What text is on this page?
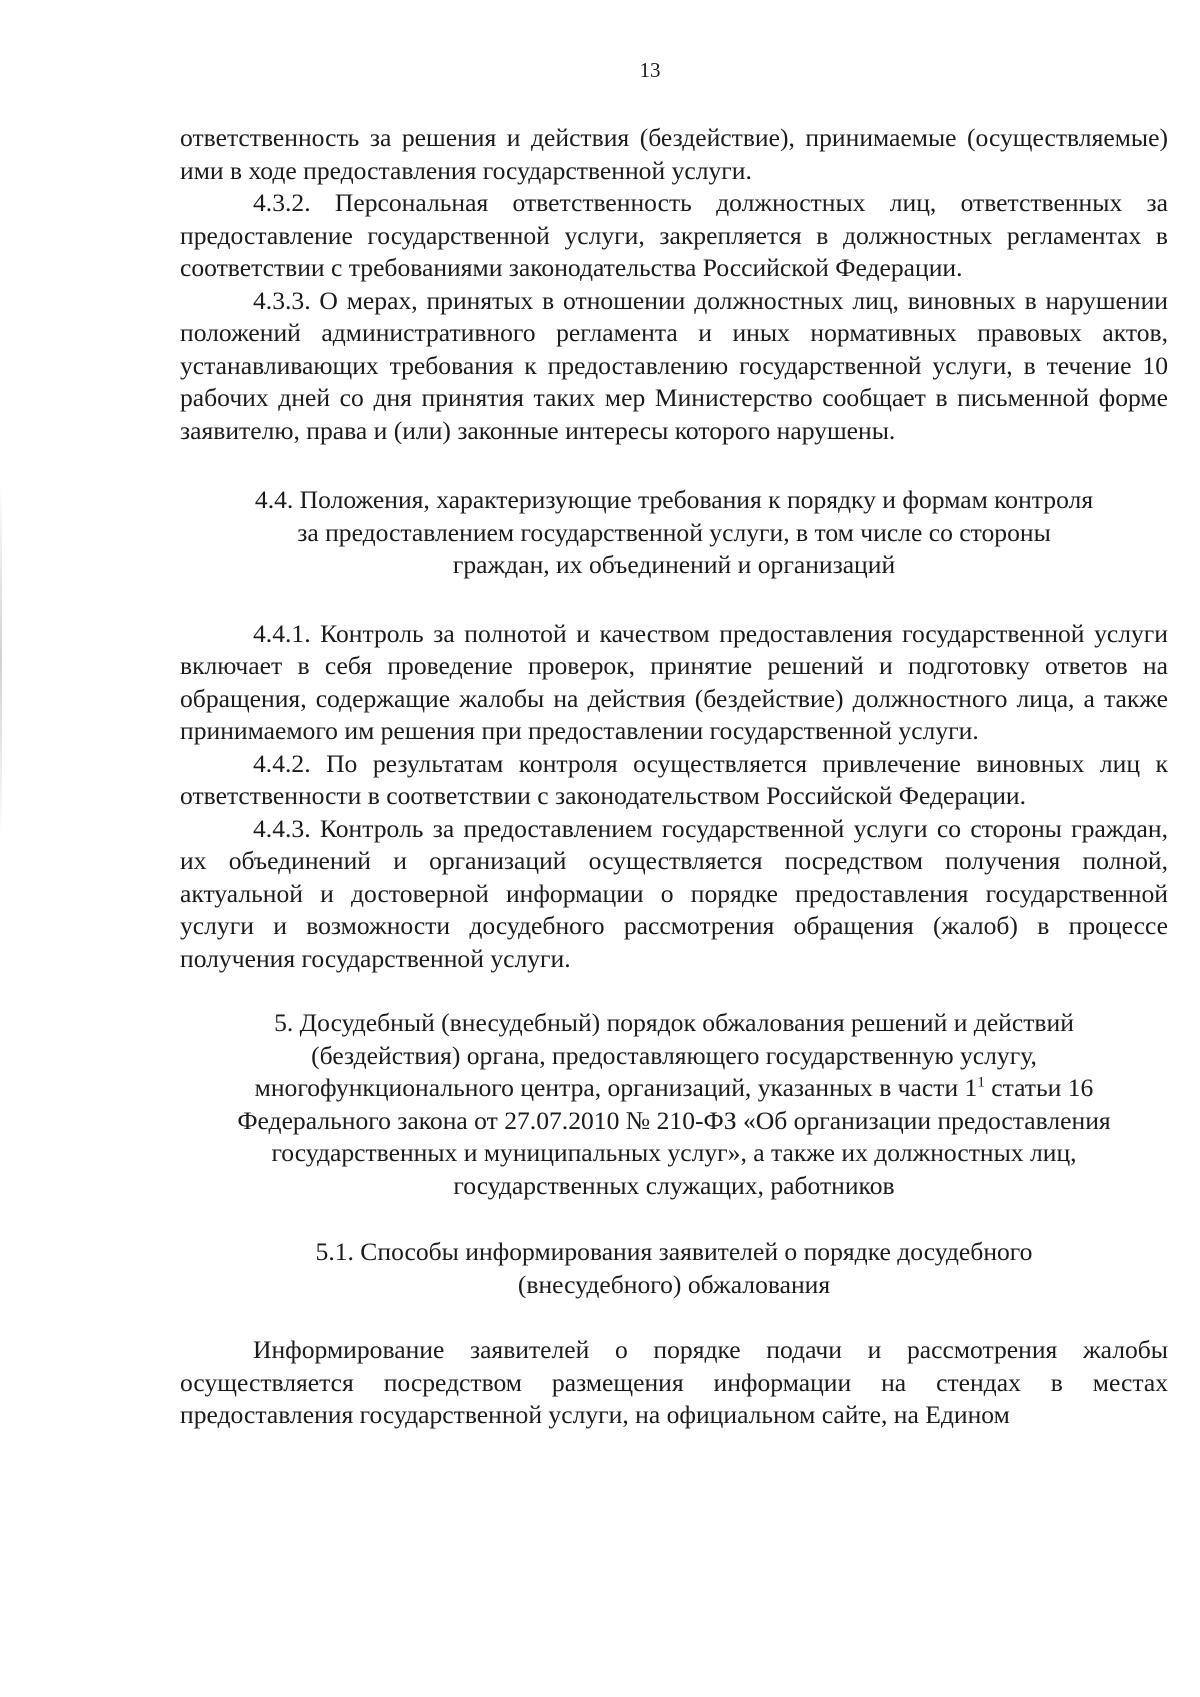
13

ответственность за решения и действия (бездействие), принимаемые (осуществляемые) ими в ходе предоставления государственной услуги.

4.3.2. Персональная ответственность должностных лиц, ответственных за предоставление государственной услуги, закрепляется в должностных регламентах в соответствии с требованиями законодательства Российской Федерации.

4.3.3. О мерах, принятых в отношении должностных лиц, виновных в нарушении положений административного регламента и иных нормативных правовых актов, устанавливающих требования к предоставлению государственной услуги, в течение 10 рабочих дней со дня принятия таких мер Министерство сообщает в письменной форме заявителю, права и (или) законные интересы которого нарушены.

4.4. Положения, характеризующие требования к порядку и формам контроля
за предоставлением государственной услуги, в том числе со стороны
граждан, их объединений и организаций

4.4.1. Контроль за полнотой и качеством предоставления государственной услуги включает в себя проведение проверок, принятие решений и подготовку ответов на обращения, содержащие жалобы на действия (бездействие) должностного лица, а также принимаемого им решения при предоставлении государственной услуги.

4.4.2. По результатам контроля осуществляется привлечение виновных лиц к ответственности в соответствии с законодательством Российской Федерации.

4.4.3. Контроль за предоставлением государственной услуги со стороны граждан, их объединений и организаций осуществляется посредством получения полной, актуальной и достоверной информации о порядке предоставления государственной услуги и возможности досудебного рассмотрения обращения (жалоб) в процессе получения государственной услуги.

5. Досудебный (внесудебный) порядок обжалования решений и действий
(бездействия) органа, предоставляющего государственную услугу,
многофункционального центра, организаций, указанных в части $1^1$ статьи 16
Федерального закона от 27.07.2010 № 210-ФЗ «Об организации предоставления
государственных и муниципальных услуг», а также их должностных лиц,
государственных служащих, работников
5.1. Способы информирования заявителей о порядке досудебного
(внесудебного) обжалования

Информирование заявителей о порядке подачи и рассмотрения жалобы осуществляется посредством размещения информации на стендах в местах предоставления государственной услуги, на официальном сайте, на Едином
